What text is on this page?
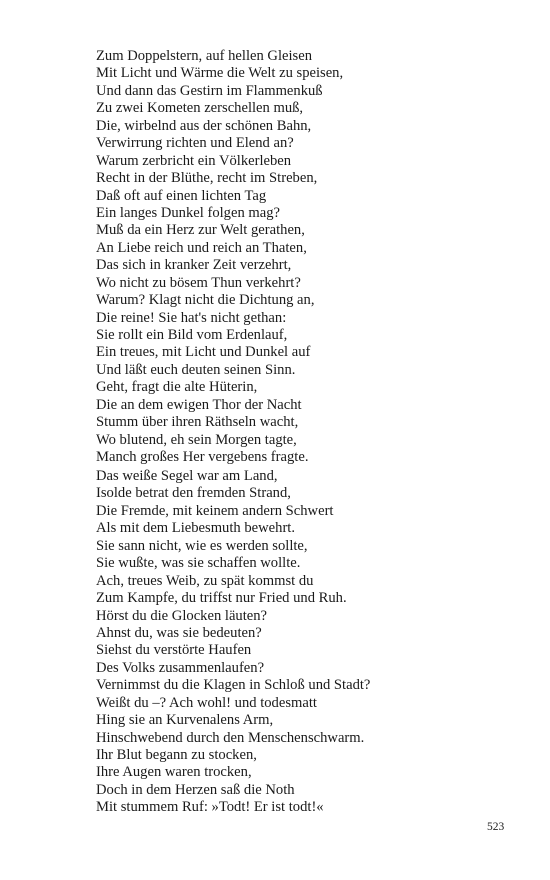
Zum Doppelstern, auf hellen Gleisen
Mit Licht und Wärme die Welt zu speisen,
Und dann das Gestirn im Flammenkuß
Zu zwei Kometen zerschellen muß,
Die, wirbelnd aus der schönen Bahn,
Verwirrung richten und Elend an?
Warum zerbricht ein Völkerleben
Recht in der Blüthe, recht im Streben,
Daß oft auf einen lichten Tag
Ein langes Dunkel folgen mag?
Muß da ein Herz zur Welt gerathen,
An Liebe reich und reich an Thaten,
Das sich in kranker Zeit verzehrt,
Wo nicht zu bösem Thun verkehrt?
Warum? Klagt nicht die Dichtung an,
Die reine! Sie hat's nicht gethan:
Sie rollt ein Bild vom Erdenlauf,
Ein treues, mit Licht und Dunkel auf
Und läßt euch deuten seinen Sinn.
Geht, fragt die alte Hüterin,
Die an dem ewigen Thor der Nacht
Stumm über ihren Räthseln wacht,
Wo blutend, eh sein Morgen tagte,
Manch großes Her vergebens fragte.
Das weiße Segel war am Land,
Isolde betrat den fremden Strand,
Die Fremde, mit keinem andern Schwert
Als mit dem Liebesmuth bewehrt.
Sie sann nicht, wie es werden sollte,
Sie wußte, was sie schaffen wollte.
Ach, treues Weib, zu spät kommst du
Zum Kampfe, du triffst nur Fried und Ruh.
Hörst du die Glocken läuten?
Ahnst du, was sie bedeuten?
Siehst du verstörte Haufen
Des Volks zusammenlaufen?
Vernimmst du die Klagen in Schloß und Stadt?
Weißt du –? Ach wohl! und todesmatt
Hing sie an Kurvenalens Arm,
Hinschwebend durch den Menschenschwarm.
Ihr Blut begann zu stocken,
Ihre Augen waren trocken,
Doch in dem Herzen saß die Noth
Mit stummem Ruf: »Todt! Er ist todt!«
523
